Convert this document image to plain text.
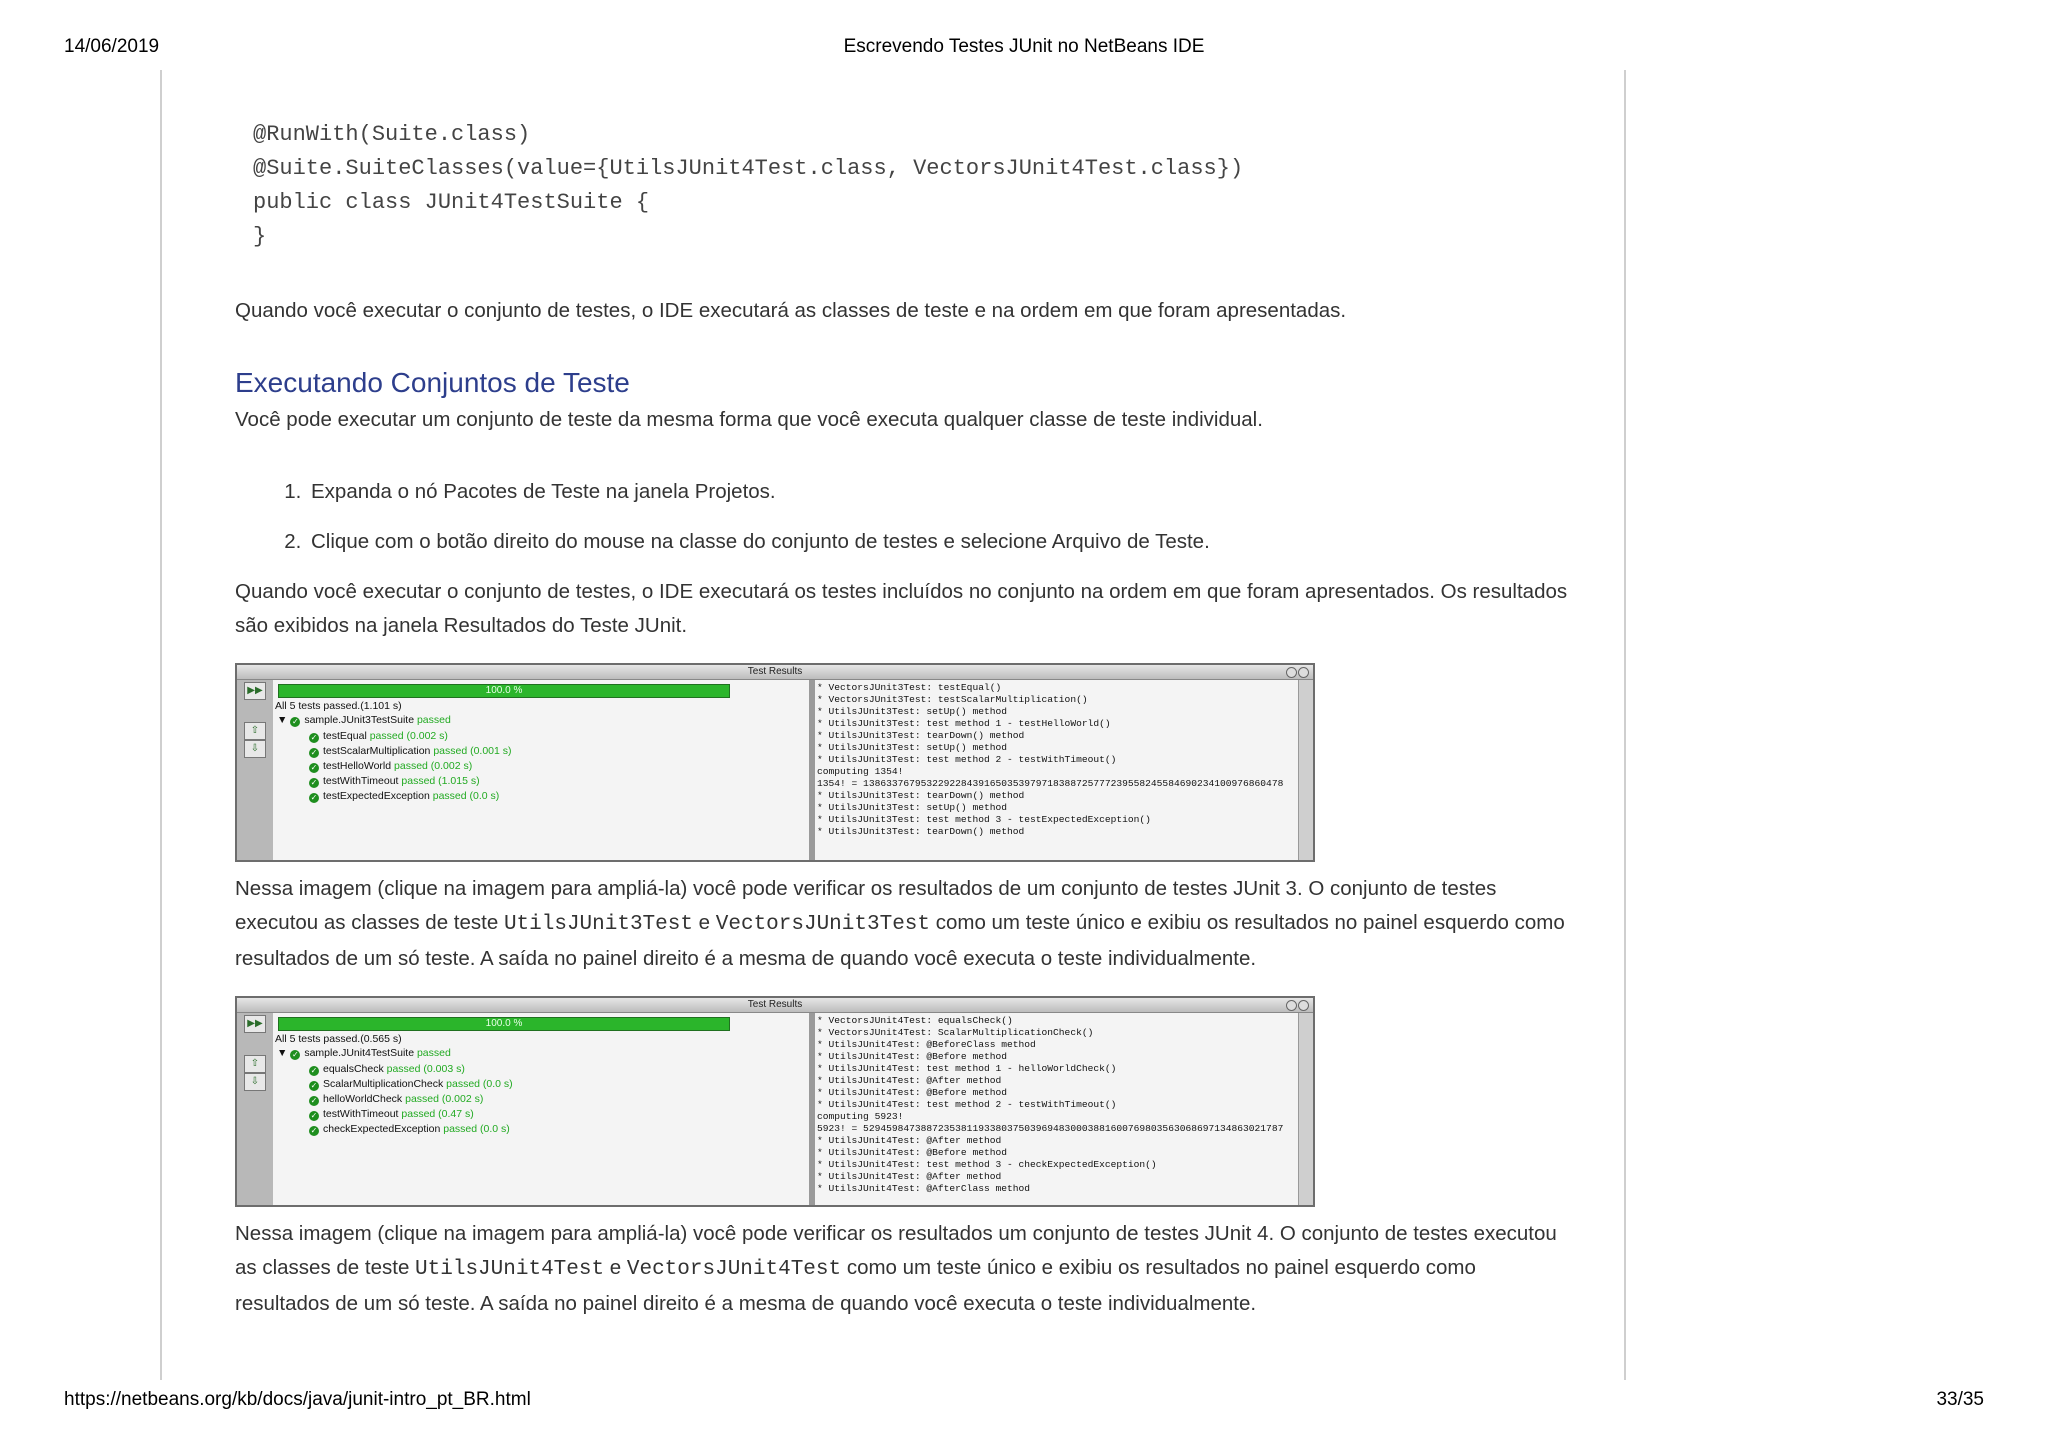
14/06/2019	Escrevendo Testes JUnit no NetBeans IDE
@RunWith(Suite.class)
@Suite.SuiteClasses(value={UtilsJUnit4Test.class, VectorsJUnit4Test.class})
public class JUnit4TestSuite {
}

Quando você executar o conjunto de testes, o IDE executará as classes de teste e na ordem em que foram apresentadas.

Executando Conjuntos de Teste

Você pode executar um conjunto de teste da mesma forma que você executa qualquer classe de teste individual.

1. Expanda o nó Pacotes de Teste na janela Projetos.
2. Clique com o botão direito do mouse na classe do conjunto de testes e selecione Arquivo de Teste.

Quando você executar o conjunto de testes, o IDE executará os testes incluídos no conjunto na ordem em que foram apresentados. Os resultados são exibidos na janela Resultados do Teste JUnit.

Test Results
▶▶
⇧
⇩
100.0 %
All 5 tests passed.(1.101 s)
▼ ✓ sample.JUnit3TestSuite passed
✓ testEqual passed (0.002 s)
✓ testScalarMultiplication passed (0.001 s)
✓ testHelloWorld passed (0.002 s)
✓ testWithTimeout passed (1.015 s)
✓ testExpectedException passed (0.0 s)
* VectorsJUnit3Test: testEqual()
* VectorsJUnit3Test: testScalarMultiplication()
* UtilsJUnit3Test: setUp() method
* UtilsJUnit3Test: test method 1 - testHelloWorld()
* UtilsJUnit3Test: tearDown() method
* UtilsJUnit3Test: setUp() method
* UtilsJUnit3Test: test method 2 - testWithTimeout()
computing 1354!
1354! = 1386337679532292284391650353979718388725777239558245584690234100976860478
* UtilsJUnit3Test: tearDown() method
* UtilsJUnit3Test: setUp() method
* UtilsJUnit3Test: test method 3 - testExpectedException()
* UtilsJUnit3Test: tearDown() method

Nessa imagem (clique na imagem para ampliá-la) você pode verificar os resultados de um conjunto de testes JUnit 3. O conjunto de testes executou as classes de teste UtilsJUnit3Test e VectorsJUnit3Test como um teste único e exibiu os resultados no painel esquerdo como resultados de um só teste. A saída no painel direito é a mesma de quando você executa o teste individualmente.

Test Results
▶▶
⇧
⇩
100.0 %
All 5 tests passed.(0.565 s)
▼ ✓ sample.JUnit4TestSuite passed
✓ equalsCheck passed (0.003 s)
✓ ScalarMultiplicationCheck passed (0.0 s)
✓ helloWorldCheck passed (0.002 s)
✓ testWithTimeout passed (0.47 s)
✓ checkExpectedException passed (0.0 s)
* VectorsJUnit4Test: equalsCheck()
* VectorsJUnit4Test: ScalarMultiplicationCheck()
* UtilsJUnit4Test: @BeforeClass method
* UtilsJUnit4Test: @Before method
* UtilsJUnit4Test: test method 1 - helloWorldCheck()
* UtilsJUnit4Test: @After method
* UtilsJUnit4Test: @Before method
* UtilsJUnit4Test: test method 2 - testWithTimeout()
computing 5923!
5923! = 5294598473887235381193380375039694830003881600769803563068697134863021787
* UtilsJUnit4Test: @After method
* UtilsJUnit4Test: @Before method
* UtilsJUnit4Test: test method 3 - checkExpectedException()
* UtilsJUnit4Test: @After method
* UtilsJUnit4Test: @AfterClass method

Nessa imagem (clique na imagem para ampliá-la) você pode verificar os resultados um conjunto de testes JUnit 4. O conjunto de testes executou as classes de teste UtilsJUnit4Test e VectorsJUnit4Test como um teste único e exibiu os resultados no painel esquerdo como resultados de um só teste. A saída no painel direito é a mesma de quando você executa o teste individualmente.

https://netbeans.org/kb/docs/java/junit-intro_pt_BR.html	33/35
